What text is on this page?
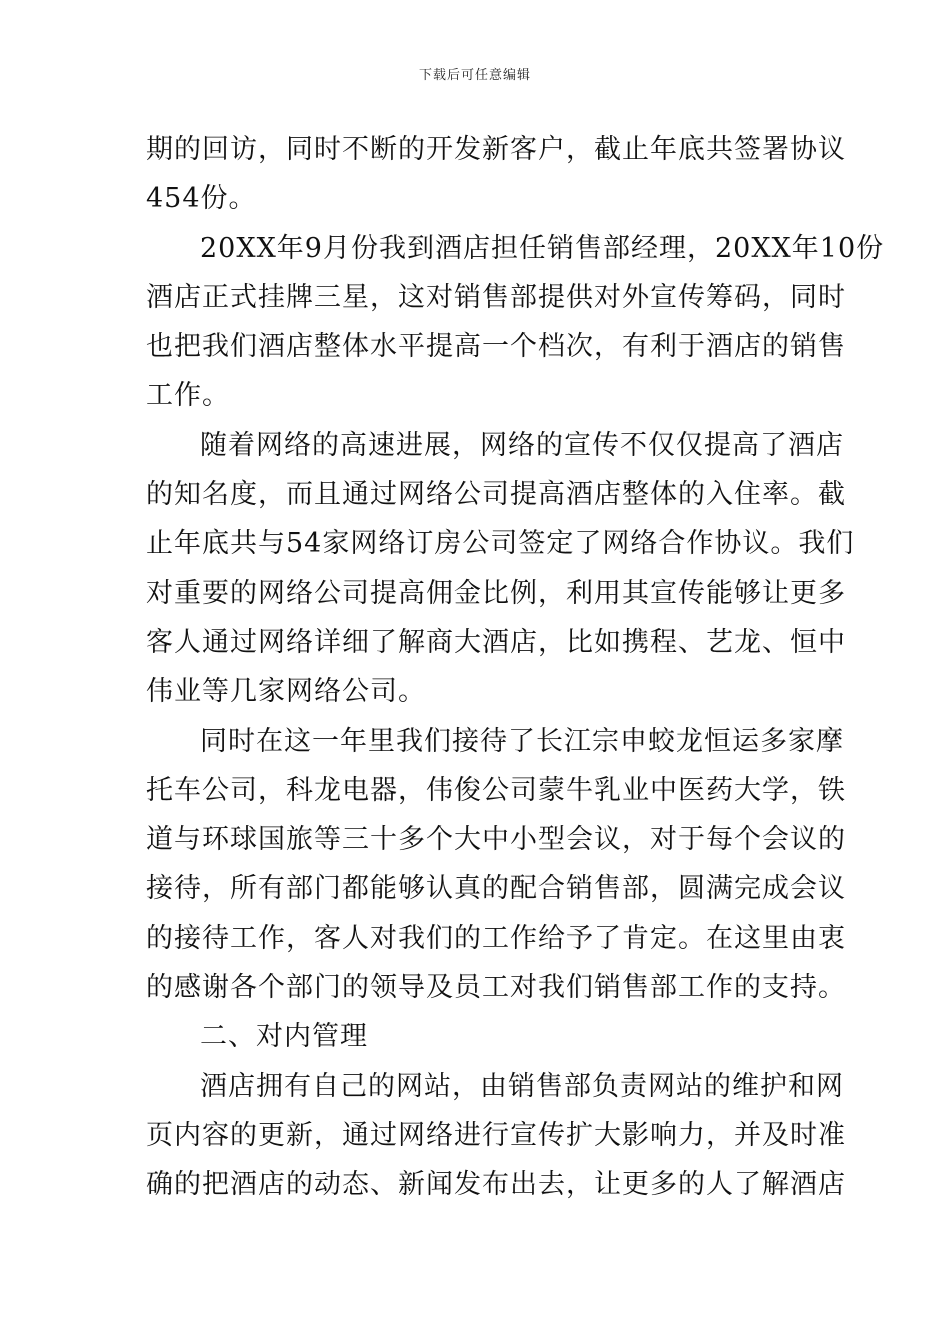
下载后可任意编辑
期的回访，同时不断的开发新客户，截止年底共签署协议
454份。
20XX年9月份我到酒店担任销售部经理，20XX年10份
酒店正式挂牌三星，这对销售部提供对外宣传筹码，同时
也把我们酒店整体水平提高一个档次，有利于酒店的销售
工作。
随着网络的高速进展，网络的宣传不仅仅提高了酒店
的知名度，而且通过网络公司提高酒店整体的入住率。截
止年底共与54家网络订房公司签定了网络合作协议。我们
对重要的网络公司提高佣金比例，利用其宣传能够让更多
客人通过网络详细了解商大酒店，比如携程、艺龙、恒中
伟业等几家网络公司。
同时在这一年里我们接待了长江宗申蛟龙恒运多家摩
托车公司，科龙电器，伟俊公司蒙牛乳业中医药大学，铁
道与环球国旅等三十多个大中小型会议，对于每个会议的
接待，所有部门都能够认真的配合销售部，圆满完成会议
的接待工作，客人对我们的工作给予了肯定。在这里由衷
的感谢各个部门的领导及员工对我们销售部工作的支持。
二、对内管理
酒店拥有自己的网站，由销售部负责网站的维护和网
页内容的更新，通过网络进行宣传扩大影响力，并及时准
确的把酒店的动态、新闻发布出去，让更多的人了解酒店
